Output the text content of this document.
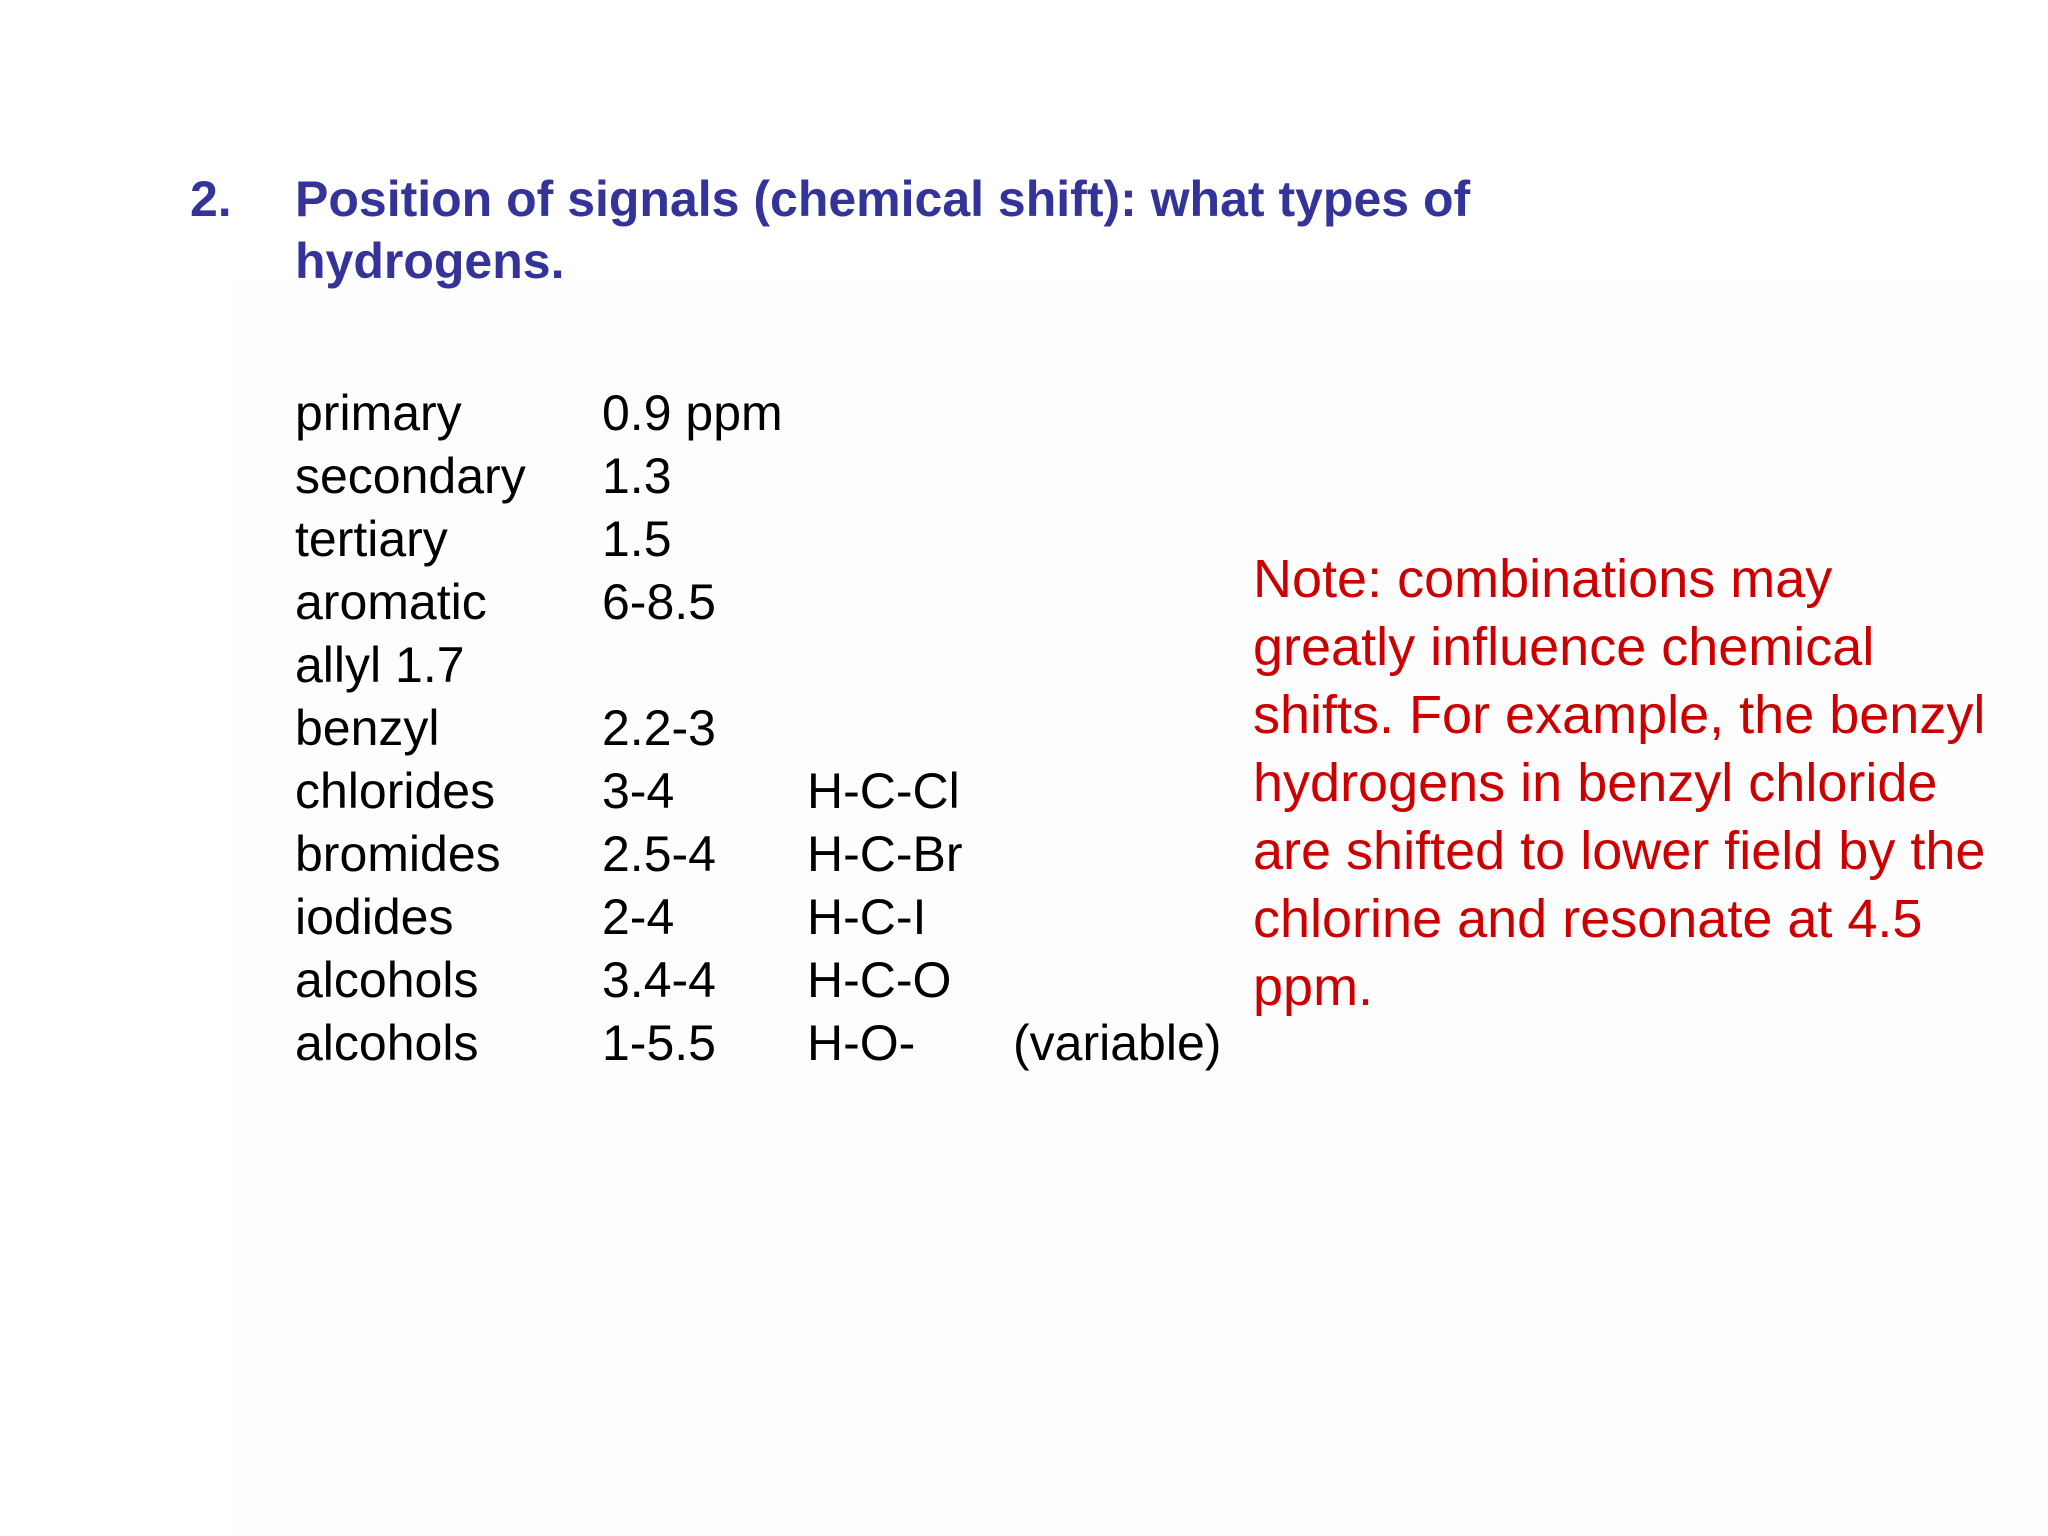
2. Position of signals (chemical shift): what types of hydrogens.
primary	0.9 ppm
secondary 1.3
tertiary	1.5
aromatic 6-8.5
allyl 1.7
benzyl	2.2-3
chlorides 3-4	H-C-Cl
bromides 2.5-4 H-C-Br
iodides	2-4	H-C-I
alcohols 3.4-4 H-C-O
alcohols 1-5.5 H-O- (variable)
Note: combinations may greatly influence chemical shifts. For example, the benzyl hydrogens in benzyl chloride are shifted to lower field by the chlorine and resonate at 4.5 ppm.
